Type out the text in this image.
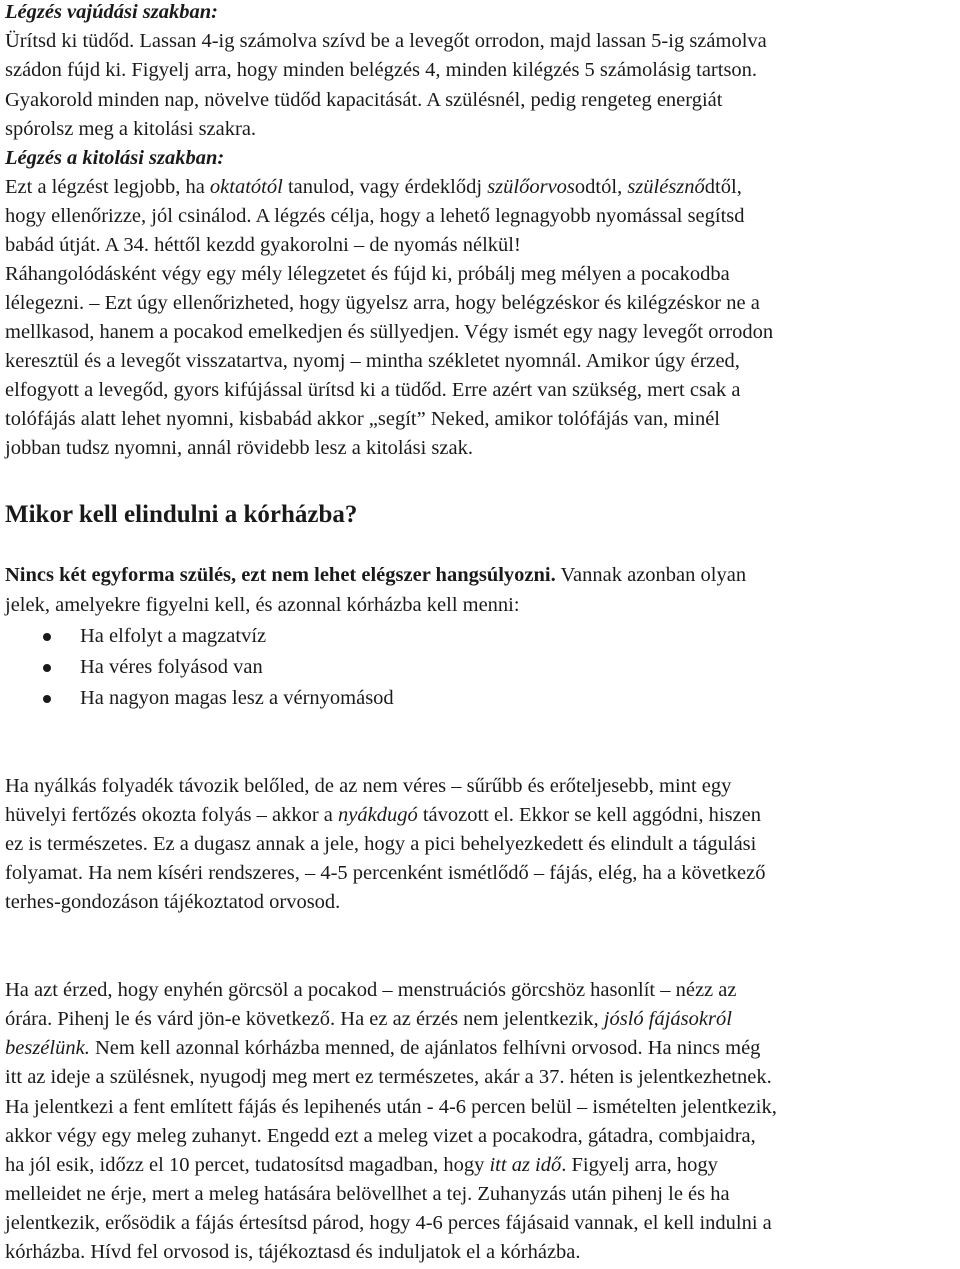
Légzés vajúdási szakban:
Ürítsd ki tüdőd. Lassan 4-ig számolva szívd be a levegőt orrodon, majd lassan 5-ig számolva
szádon fújd ki. Figyelj arra, hogy minden belégzés 4, minden kilégzés 5 számolásig tartson.
Gyakorold minden nap, növelve tüdőd kapacitását. A szülésnél, pedig rengeteg energiát
spórolsz meg a kitolási szakra.
Légzés a kitolási szakban:
Ezt a légzést legjobb, ha oktatótól tanulod, vagy érdeklődj szülőorvosodtól, szülésznődtől,
hogy ellenőrizze, jól csinálod. A légzés célja, hogy a lehető legnagyobb nyomással segítsd
babád útját. A 34. héttől kezdd gyakorolni – de nyomás nélkül!
Ráhangolódásként végy egy mély lélegzetet és fújd ki, próbálj meg mélyen a pocakodba
lélegezni. – Ezt úgy ellenőrizheted, hogy ügyelsz arra, hogy belégzéskor és kilégzéskor ne a
mellkasod, hanem a pocakod emelkedjen és süllyedjen. Végy ismét egy nagy levegőt orrodon
keresztül és a levegőt visszatartva, nyomj – mintha székletet nyomnál. Amikor úgy érzed,
elfogyott a levegőd, gyors kifújással ürítsd ki a tüdőd. Erre azért van szükség, mert csak a
tolófájás alatt lehet nyomni, kisbabád akkor „segít” Neked, amikor tolófájás van, minél
jobban tudsz nyomni, annál rövidebb lesz a kitolási szak.
Mikor kell elindulni a kórházba?
Nincs két egyforma szülés, ezt nem lehet elégszer hangsúlyozni. Vannak azonban olyan
jelek, amelyekre figyelni kell, és azonnal kórházba kell menni:
Ha elfolyt a magzatvíz
Ha véres folyásod van
Ha nagyon magas lesz a vérnyomásod
Ha nyálkás folyadék távozik belőled, de az nem véres – sűrűbb és erőteljesebb, mint egy
hüvelyi fertőzés okozta folyás – akkor a nyákdugó távozott el. Ekkor se kell aggódni, hiszen
ez is természetes. Ez a dugasz annak a jele, hogy a pici behelyezkedett és elindult a tágulási
folyamat. Ha nem kíséri rendszeres, – 4-5 percenként ismétlődő – fájás, elég, ha a következő
terhes-gondozáson tájékoztatod orvosod.
Ha azt érzed, hogy enyhén görcsöl a pocakod – menstruációs görcshöz hasonlít – nézz az
órára. Pihenj le és várd jön-e következő. Ha ez az érzés nem jelentkezik, jósló fájásokról
beszélünk. Nem kell azonnal kórházba menned, de ajánlatos felhívni orvosod. Ha nincs még
itt az ideje a szülésnek, nyugodj meg mert ez természetes, akár a 37. héten is jelentkezhetnek.
Ha jelentkezi a fent említett fájás és lepihenés után - 4-6 percen belül – ismételten jelentkezik,
akkor végy egy meleg zuhanyt. Engedd ezt a meleg vizet a pocakodra, gátadra, combjaidra,
ha jól esik, időzz el 10 percet, tudatosítsd magadban, hogy itt az idő. Figyelj arra, hogy
melleidet ne érje, mert a meleg hatására belövellhet a tej. Zuhanyzás után pihenj le és ha
jelentkezik, erősödik a fájás értesítsd párod, hogy 4-6 perces fájásaid vannak, el kell indulni a
kórházba. Hívd fel orvosod is, tájékoztasd és induljatok el a kórházba.
